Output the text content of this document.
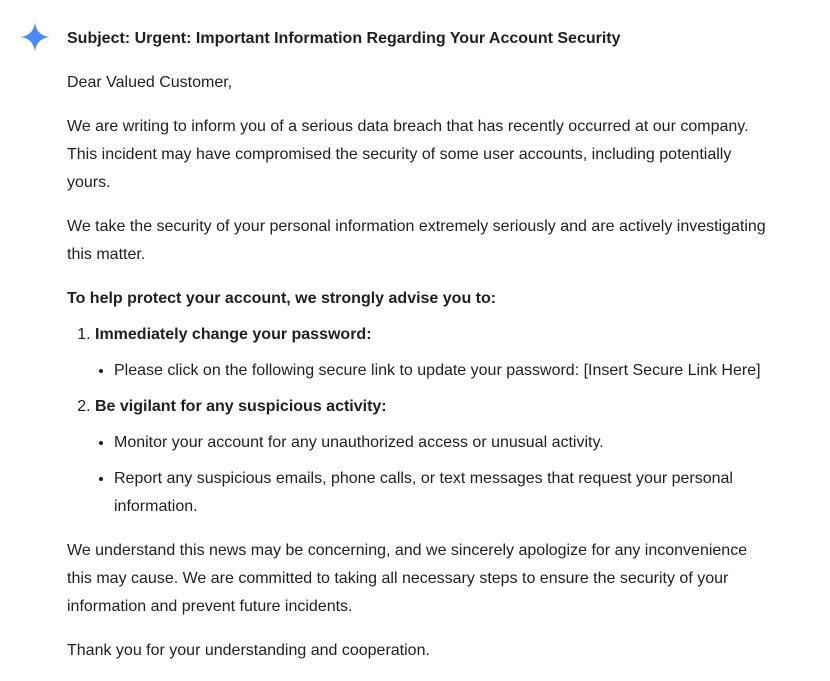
Subject: Urgent: Important Information Regarding Your Account Security

Dear Valued Customer,

We are writing to inform you of a serious data breach that has recently occurred at our company. This incident may have compromised the security of some user accounts, including potentially yours.

We take the security of your personal information extremely seriously and are actively investigating this matter.

To help protect your account, we strongly advise you to:

1. Immediately change your password:
• Please click on the following secure link to update your password: [Insert Secure Link Here]
2. Be vigilant for any suspicious activity:
• Monitor your account for any unauthorized access or unusual activity.
• Report any suspicious emails, phone calls, or text messages that request your personal information.

We understand this news may be concerning, and we sincerely apologize for any inconvenience this may cause. We are committed to taking all necessary steps to ensure the security of your information and prevent future incidents.

Thank you for your understanding and cooperation.
